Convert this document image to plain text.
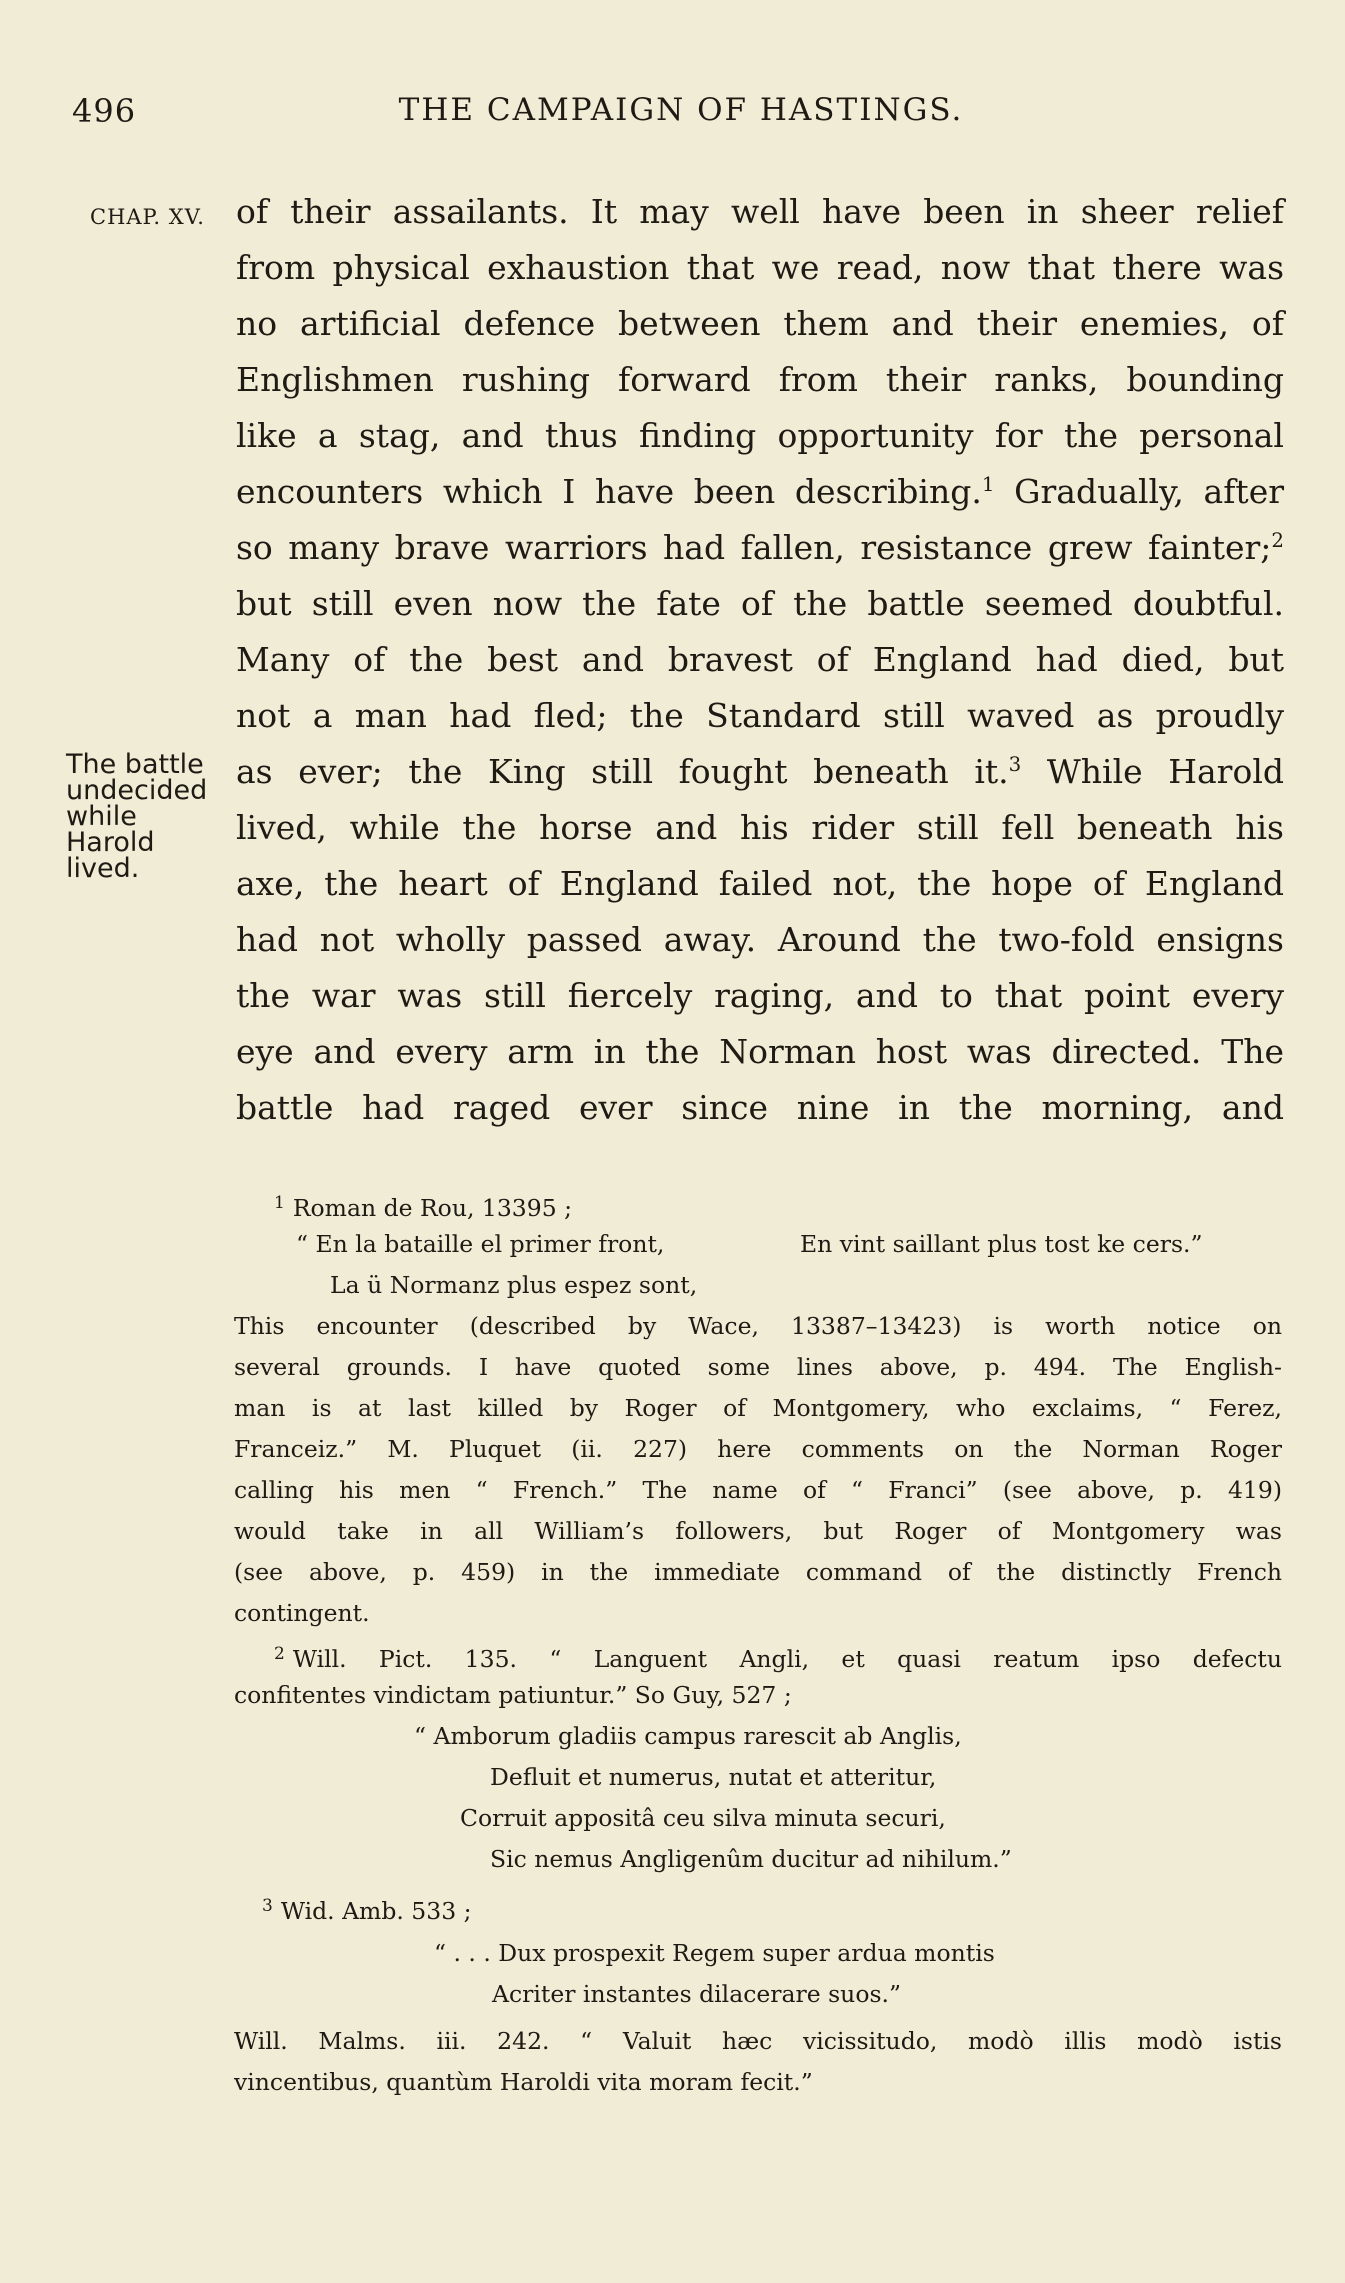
496	THE CAMPAIGN OF HASTINGS.
CHAP. XV.
The battle
undecided
while
Harold
lived.
of their assailants. It may well have been in sheer relief
from physical exhaustion that we read, now that there was
no artificial defence between them and their enemies, of
Englishmen rushing forward from their ranks, bounding
like a stag, and thus finding opportunity for the personal
encounters which I have been describing.$^1$ Gradually, after
so many brave warriors had fallen, resistance grew fainter;$^2$
but still even now the fate of the battle seemed doubtful.
Many of the best and bravest of England had died, but
not a man had fled; the Standard still waved as proudly
as ever; the King still fought beneath it.$^3$ While Harold
lived, while the horse and his rider still fell beneath his
axe, the heart of England failed not, the hope of England
had not wholly passed away. Around the two-fold ensigns
the war was still fiercely raging, and to that point every
eye and every arm in the Norman host was directed. The
battle had raged ever since nine in the morning, and
$^1$ Roman de Rou, 13395 ;
“ En la bataille el primer front,	En vint saillant plus tost ke cers.”
La ü Normanz plus espez sont,
This encounter (described by Wace, 13387–13423) is worth notice on
several grounds. I have quoted some lines above, p. 494. The English-
man is at last killed by Roger of Montgomery, who exclaims, “ Ferez,
Franceiz.” M. Pluquet (ii. 227) here comments on the Norman Roger
calling his men “ French.” The name of “ Franci” (see above, p. 419)
would take in all William’s followers, but Roger of Montgomery was
(see above, p. 459) in the immediate command of the distinctly French
contingent.
$^2$ Will. Pict. 135. “ Languent Angli, et quasi reatum ipso defectu
confitentes vindictam patiuntur.” So Guy, 527 ;
“ Amborum gladiis campus rarescit ab Anglis,
Defluit et numerus, nutat et atteritur,
Corruit appositâ ceu silva minuta securi,
Sic nemus Angligenûm ducitur ad nihilum.”
$^3$ Wid. Amb. 533 ;
“ . . . Dux prospexit Regem super ardua montis
Acriter instantes dilacerare suos.”
Will. Malms. iii. 242. “ Valuit hæc vicissitudo, modò illis modò istis
vincentibus, quantùm Haroldi vita moram fecit.”
